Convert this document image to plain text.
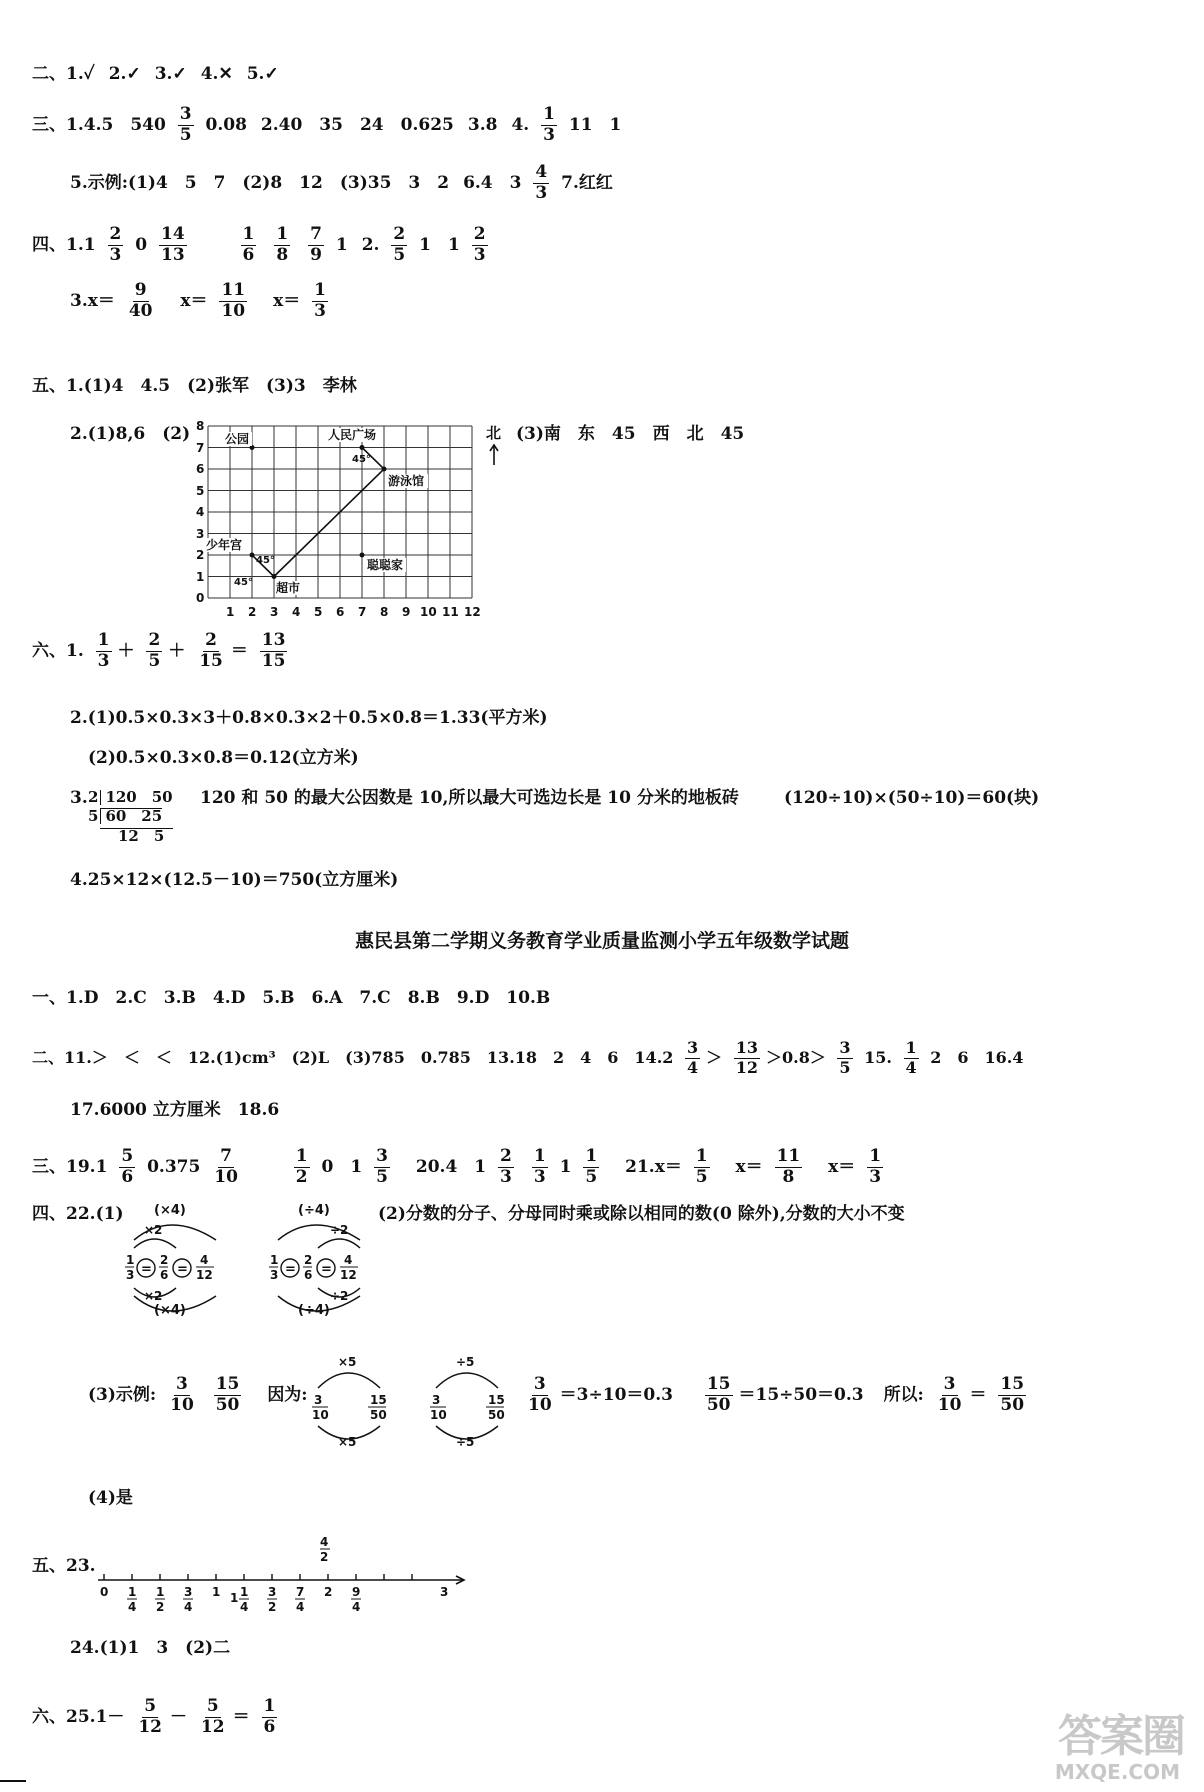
二、1.✓ 2.✓ 3.✓ 4.✕ 5.✓
三、1.4.5　$540 \frac{3}{5} 0.08$ 2.40　35　24　0.625 3.8 4. $\frac{1}{3} 11$　1
5.示例:(1)4　5　7　(2)8　12　(3)35　3　2 6.4　$3 \frac{4}{3} 7$.红红
四、$1.1 \frac{2}{3} 0 \frac{14}{13}$
	$\frac{1}{6}$
$\frac{1}{8}$
$\frac{7}{9} 1$ 2. $\frac{2}{5} 1$　$1 \frac{2}{3}$
$3.x= \frac{9}{40} x= \frac{11}{10} x= \frac{1}{3}$
五、1.(1)4　4.5　(2)张军　(3)3　李林
2.(1)8,6　(2)	(3)南　东　45　西　北　45
0
1
2
3
4
5
6
7
8
1 2 3 4 5 6 7 8 9 10 11 12
公园	人民广场
游泳馆
少年宫
超市
聪聪家
45°
45°
45°
北
六、1. $\frac{1}{3} + \frac{2}{5} + \frac{2}{15} = \frac{13}{15}$
2.(1)0.5×0.3×3＋0.8×0.3×2＋0.5×0.8＝1.33(平方米)
(2)0.5×0.3×0.8＝0.12(立方米)
3. 2 120　50
5 60　25
12　5
120 和 50 的最大公因数是 10,所以最大可选边长是 10 分米的地板砖	(120÷10)×(50÷10)＝60(块)
4.25×12×(12.5－10)＝750(立方厘米)
惠民县第二学期义务教育学业质量监测小学五年级数学试题
一、1.D　2.C　3.B　4.D　5.B　6.A　7.C　8.B　9.D　10.B
二、11.＞　＜　＜　12.(1)cm³　(2)L　(3)785　0.785　13.18　2　4　6　$14.2 \frac{3}{4} > \frac{13}{12} >0.8> \frac{3}{5} 15$. $\frac{1}{4} 2$　6　16.4
17.6000 立方厘米　18.6
三、$19.1 \frac{5}{6} 0.375 \frac{7}{10}$
	$\frac{1}{2} 0$　$1 \frac{3}{5} 20.4$　$1 \frac{2}{3}$
$\frac{1}{3} 1 \frac{1}{5} 21.x= \frac{1}{5} x= \frac{11}{8} x= \frac{1}{3}$
四、22.(1) (×4)
×2
1
3 =
2
6 =
4
12
×2
(×4)
(÷4)
÷2
1
3 =
2
6 =
4
12
÷2
(÷4)
(2)分数的分子、分母同时乘或除以相同的数(0 除外),分数的大小不变
(3)示例: $\frac{3}{10}$
$\frac{15}{50}$ 因为:
×5
3
10
15
50
×5
÷5
3
10
15
50
÷5
$\frac{3}{10} =3\div 10=0.3 \frac{15}{50} =15\div 50=0.3$ 所以: $\frac{3}{10} = \frac{15}{50}$
(4)是
五、23.
4
2
0 1
4
1
2
3
4
1 1 1
4
3
2
7
4
2 9
4
3
24.(1)1　3　(2)二
六、$25.1- \frac{5}{12} - \frac{5}{12} = \frac{1}{6}$	答案圈
MXQE.COM
